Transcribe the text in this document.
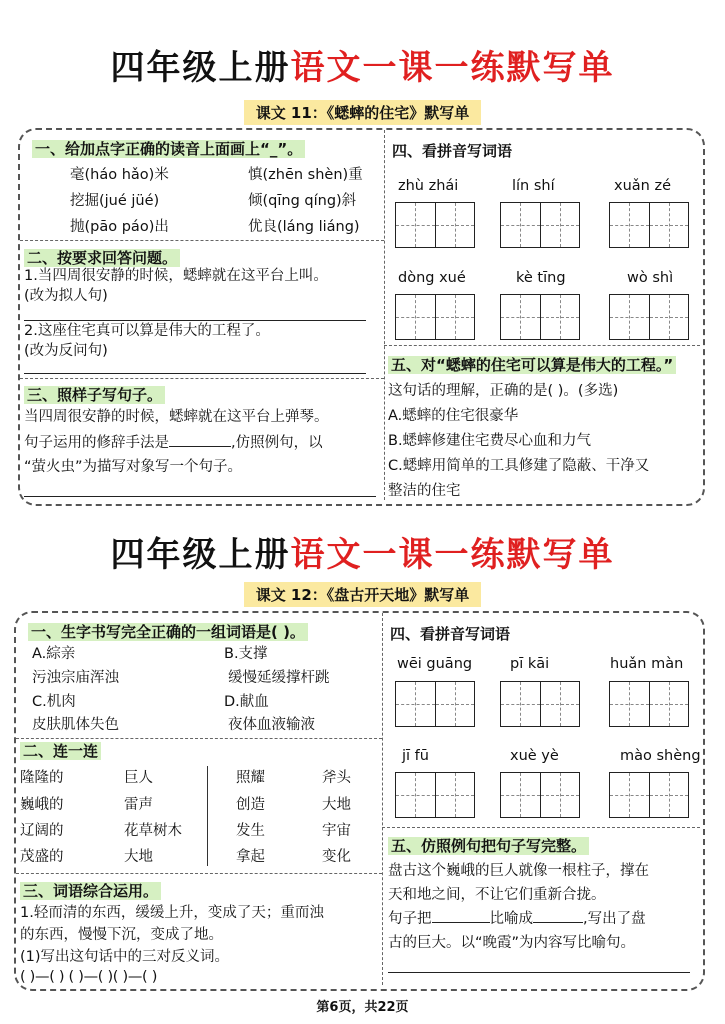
四年级上册语文一课一练默写单
课文 11：《蟋蟀的住宅》默写单
一、给加点字正确的读音上面画上“_”。
毫(háo hǎo)米	慎(zhēn shèn)重
挖掘(jué jüé)	倾(qīng qíng)斜
抛(pāo páo)出	优良(láng liáng)
二、按要求回答问题。
1.当四周很安静的时候，蟋蟀就在这平台上叫。
(改为拟人句)
2.这座住宅真可以算是伟大的工程了。
(改为反问句)
三、照样子写句子。
当四周很安静的时候，蟋蟀就在这平台上弹琴。
句子运用的修辞手法是	,仿照例句，以
“萤火虫”为描写对象写一个句子。
四、看拼音写词语
zhù zhái	lín shí	xuǎn zé
dòng xué	kè tīng	wò shì
五、对“蟋蟀的住宅可以算是伟大的工程。”
这句话的理解，正确的是( )。(多选)
A.蟋蟀的住宅很豪华
B.蟋蟀修建住宅费尽心血和力气
C.蟋蟀用简单的工具修建了隐蔽、干净又
整洁的住宅
四年级上册语文一课一练默写单
课文 12：《盘古开天地》默写单
一、生字书写完全正确的一组词语是( )。
A.綜亲	B.支撑
污浊宗庙浑浊	缓慢延缓撑杆跳
C.机肉	D.献血
皮肤肌体失色	夜体血液输液
二、连一连
隆隆的
巍峨的
辽阔的
茂盛的
巨人
雷声
花草树木
大地
照耀
创造
发生
拿起
斧头
大地
宇宙
变化
三、词语综合运用。
1.轻而清的东西，缓缓上升，变成了天；重而浊
的东西，慢慢下沉，变成了地。
(1)写出这句话中的三对反义词。
( )—( ) ( )—( )( )—( )
四、看拼音写词语
wēi guāng	pī kāi	huǎn màn
jī fū	xuè yè	mào shèng
五、仿照例句把句子写完整。
盘古这个巍峨的巨人就像一根柱子，撑在
天和地之间，不让它们重新合拢。
句子把	比喻成	,写出了盘
古的巨大。以“晚霞”为内容写比喻句。
第6页，共22页
